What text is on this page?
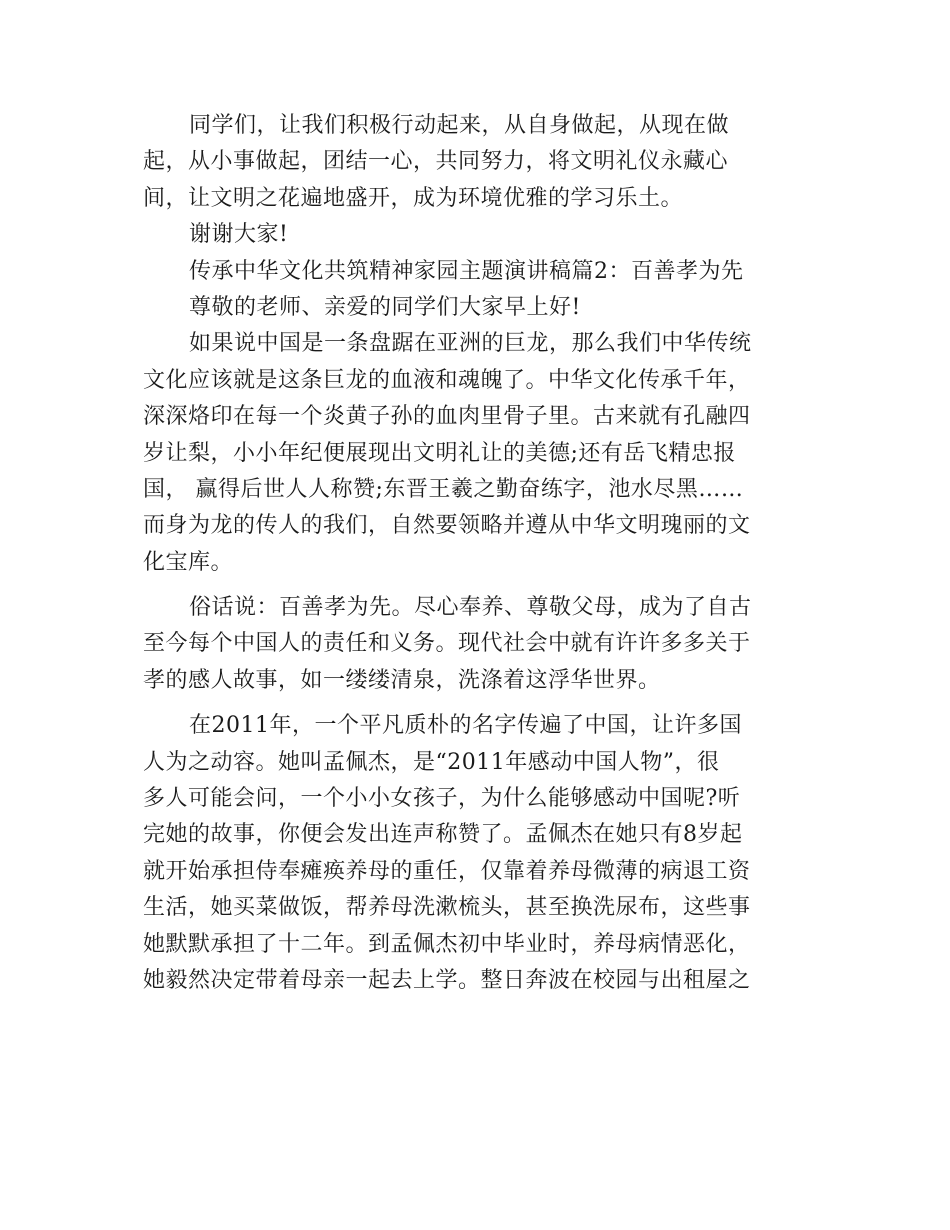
同学们，让我们积极行动起来，从自身做起，从现在做
起，从小事做起，团结一心，共同努力，将文明礼仪永藏心
间，让文明之花遍地盛开，成为环境优雅的学习乐土。
谢谢大家!
传承中华文化共筑精神家园主题演讲稿篇2：百善孝为先
尊敬的老师、亲爱的同学们大家早上好!
如果说中国是一条盘踞在亚洲的巨龙，那么我们中华传统
文化应该就是这条巨龙的血液和魂魄了。中华文化传承千年，
深深烙印在每一个炎黄子孙的血肉里骨子里。古来就有孔融四
岁让梨，小小年纪便展现出文明礼让的美德;还有岳飞精忠报
国， 赢得后世人人称赞;东晋王羲之勤奋练字，池水尽黑……
而身为龙的传人的我们，自然要领略并遵从中华文明瑰丽的文
化宝库。
俗话说：百善孝为先。尽心奉养、尊敬父母，成为了自古
至今每个中国人的责任和义务。现代社会中就有许许多多关于
孝的感人故事，如一缕缕清泉，洗涤着这浮华世界。
在2011年，一个平凡质朴的名字传遍了中国，让许多国
人为之动容。她叫孟佩杰，是“2011年感动中国人物”，很
多人可能会问，一个小小女孩子，为什么能够感动中国呢?听
完她的故事，你便会发出连声称赞了。孟佩杰在她只有8岁起
就开始承担侍奉瘫痪养母的重任，仅靠着养母微薄的病退工资
生活，她买菜做饭，帮养母洗漱梳头，甚至换洗尿布，这些事
她默默承担了十二年。到孟佩杰初中毕业时，养母病情恶化，
她毅然决定带着母亲一起去上学。整日奔波在校园与出租屋之
